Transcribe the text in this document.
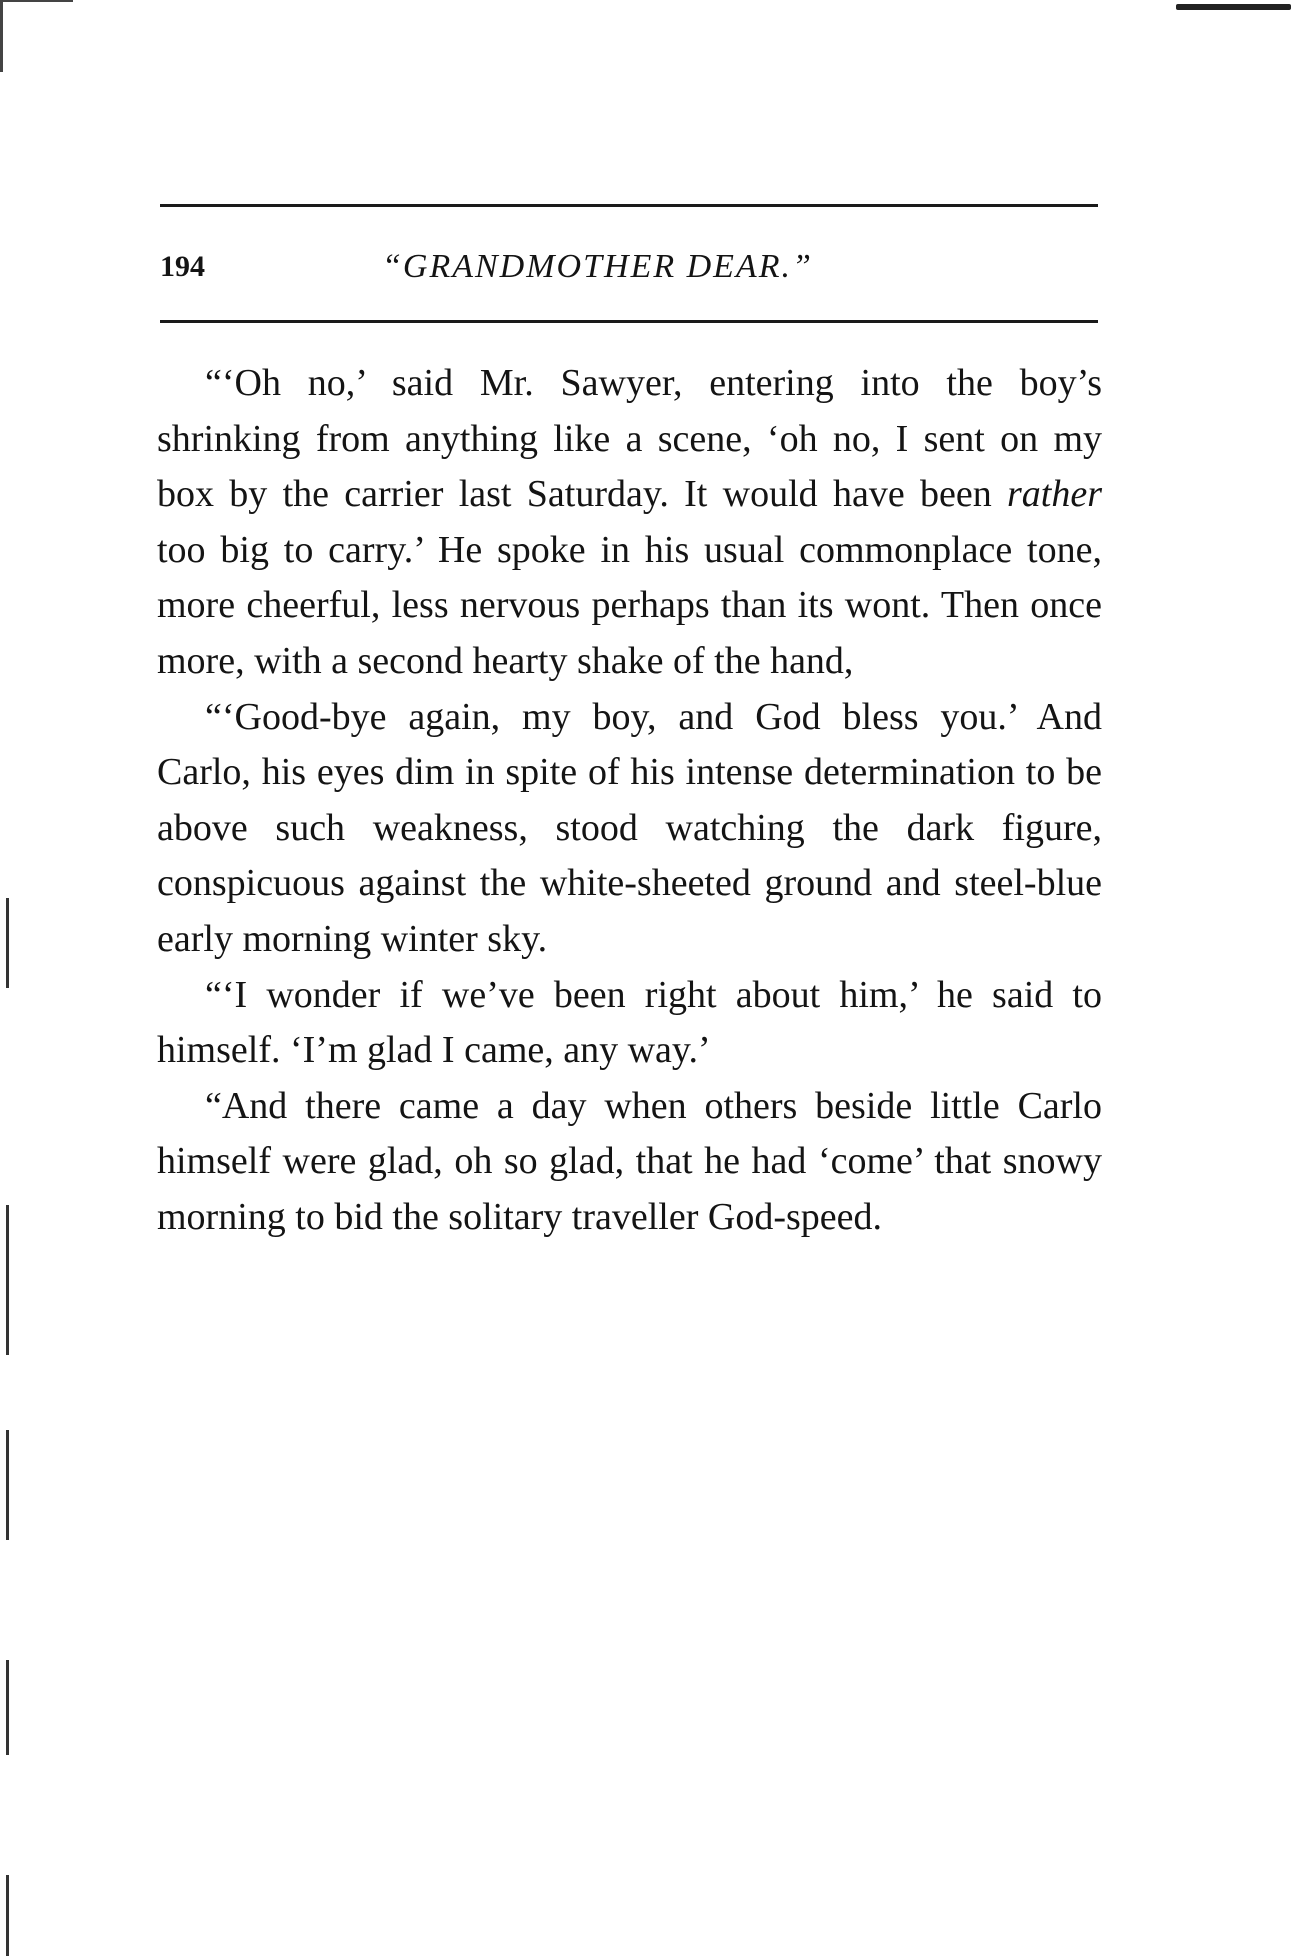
194	“GRANDMOTHER DEAR.”

“‘Oh no,’ said Mr. Sawyer, entering into the boy’s shrinking from anything like a scene, ‘oh no, I sent on my box by the carrier last Saturday. It would have been rather too big to carry.’ He spoke in his usual commonplace tone, more cheerful, less nervous perhaps than its wont. Then once more, with a second hearty shake of the hand,

“‘Good-bye again, my boy, and God bless you.’ And Carlo, his eyes dim in spite of his intense determination to be above such weakness, stood watching the dark figure, conspicuous against the white-sheeted ground and steel-blue early morning winter sky.

“‘I wonder if we’ve been right about him,’ he said to himself. ‘I’m glad I came, any way.’

“And there came a day when others beside little Carlo himself were glad, oh so glad, that he had ‘come’ that snowy morning to bid the solitary traveller God-speed.
